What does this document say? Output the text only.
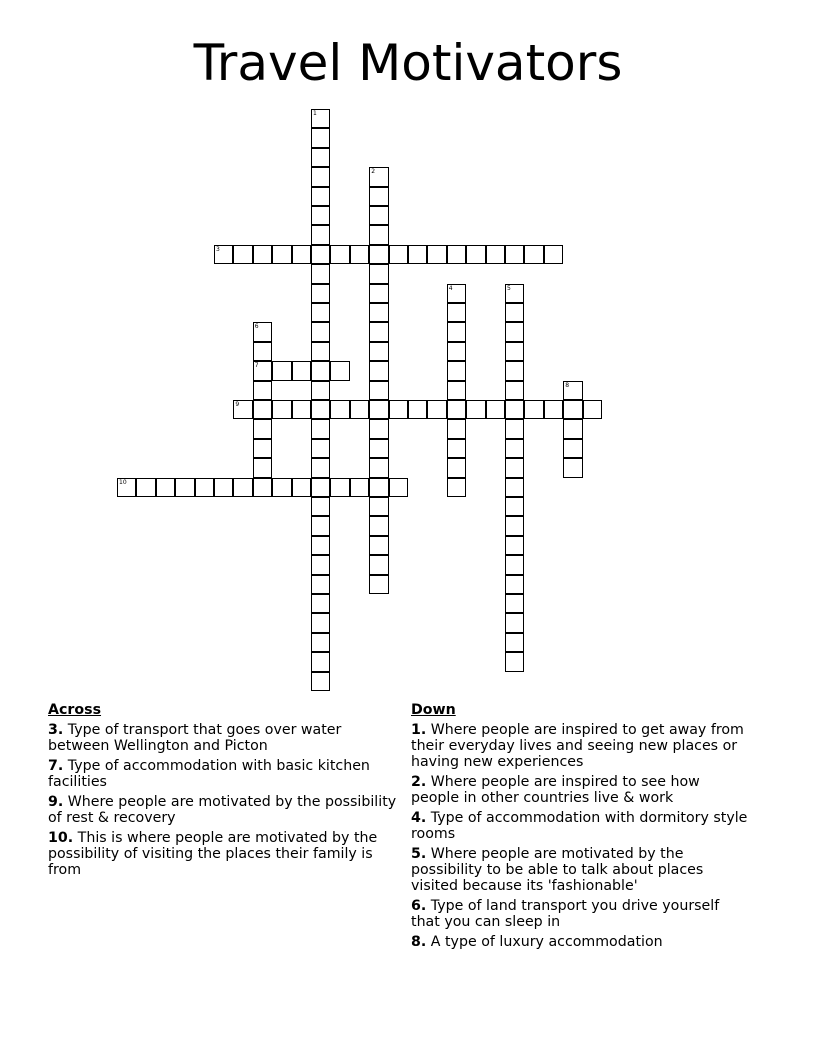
Travel Motivators
1
2
3
4	5
6
7
8
9
10
Across
3. Type of transport that goes over water between Wellington and Picton
7. Type of accommodation with basic kitchen facilities
9. Where people are motivated by the possibility of rest & recovery
10. This is where people are motivated by the possibility of visiting the places their family is from
Down
1. Where people are inspired to get away from their everyday lives and seeing new places or having new experiences
2. Where people are inspired to see how people in other countries live & work
4. Type of accommodation with dormitory style rooms
5. Where people are motivated by the possibility to be able to talk about places visited because its 'fashionable'
6. Type of land transport you drive yourself that you can sleep in
8. A type of luxury accommodation
